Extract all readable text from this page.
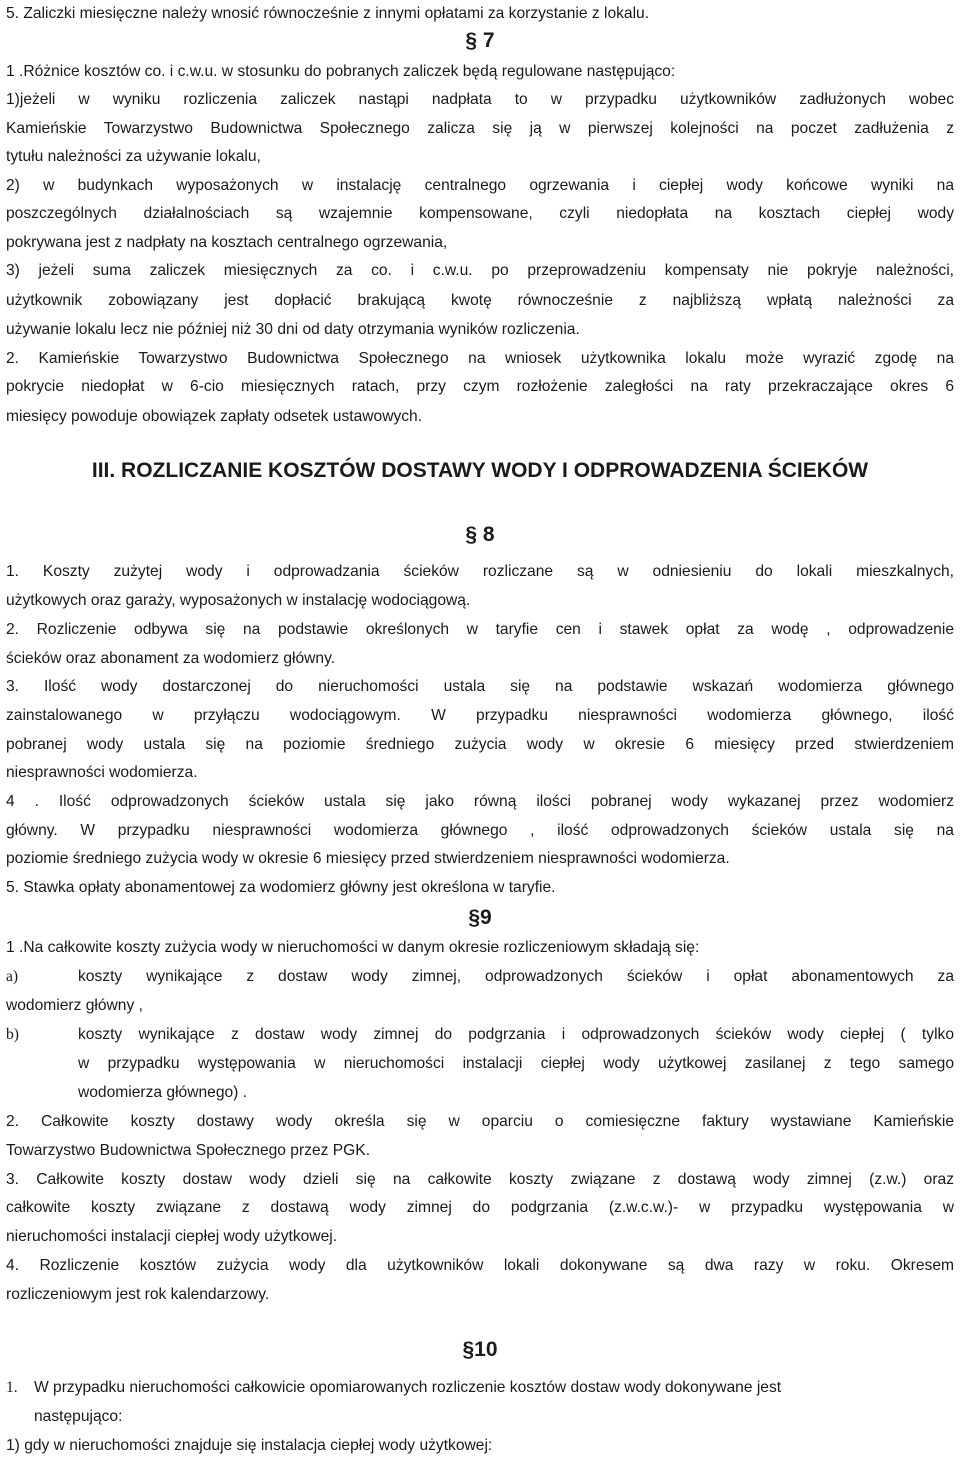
5. Zaliczki miesięczne należy wnosić równocześnie z innymi opłatami za korzystanie z lokalu.
§ 7
1 .Różnice kosztów co. i c.w.u. w stosunku do pobranych zaliczek będą regulowane następująco:
1)jeżeli w wyniku rozliczenia zaliczek nastąpi nadpłata to w przypadku użytkowników zadłużonych wobec
Kamieńskie Towarzystwo Budownictwa Społecznego zalicza się ją w pierwszej kolejności na poczet zadłużenia z
tytułu należności za używanie lokalu,
2) w budynkach wyposażonych w instalację centralnego ogrzewania i ciepłej wody końcowe wyniki na
poszczególnych działalnościach są wzajemnie kompensowane, czyli niedopłata na kosztach ciepłej wody
pokrywana jest z nadpłaty na kosztach centralnego ogrzewania,
3) jeżeli suma zaliczek miesięcznych za co. i c.w.u. po przeprowadzeniu kompensaty nie pokryje należności,
użytkownik zobowiązany jest dopłacić brakującą kwotę równocześnie z najbliższą wpłatą należności za
używanie lokalu lecz nie później niż 30 dni od daty otrzymania wyników rozliczenia.
2. Kamieńskie Towarzystwo Budownictwa Społecznego na wniosek użytkownika lokalu może wyrazić zgodę na
pokrycie niedopłat w 6-cio miesięcznych ratach, przy czym rozłożenie zaległości na raty przekraczające okres 6
miesięcy powoduje obowiązek zapłaty odsetek ustawowych.
III. ROZLICZANIE KOSZTÓW DOSTAWY WODY I ODPROWADZENIA ŚCIEKÓW
§ 8
1. Koszty zużytej wody i odprowadzania ścieków rozliczane są w odniesieniu do lokali mieszkalnych,
użytkowych oraz garaży, wyposażonych w instalację wodociągową.
2. Rozliczenie odbywa się na podstawie określonych w taryfie cen i stawek opłat za wodę , odprowadzenie
ścieków oraz abonament za wodomierz główny.
3. Ilość wody dostarczonej do nieruchomości ustala się na podstawie wskazań wodomierza głównego
zainstalowanego w przyłączu wodociągowym. W przypadku niesprawności wodomierza głównego, ilość
pobranej wody ustala się na poziomie średniego zużycia wody w okresie 6 miesięcy przed stwierdzeniem
niesprawności wodomierza.
4 . Ilość odprowadzonych ścieków ustala się jako równą ilości pobranej wody wykazanej przez wodomierz
główny. W przypadku niesprawności wodomierza głównego , ilość odprowadzonych ścieków ustala się na
poziomie średniego zużycia wody w okresie 6 miesięcy przed stwierdzeniem niesprawności wodomierza.
5. Stawka opłaty abonamentowej za wodomierz główny jest określona w taryfie.
§9
1 .Na całkowite koszty zużycia wody w nieruchomości w danym okresie rozliczeniowym składają się:
a)	koszty wynikające z dostaw wody zimnej, odprowadzonych ścieków i opłat abonamentowych za
wodomierz główny ,
b)	koszty wynikające z dostaw wody zimnej do podgrzania i odprowadzonych ścieków wody ciepłej ( tylko
w przypadku występowania w nieruchomości instalacji ciepłej wody użytkowej zasilanej z tego samego
wodomierza głównego) .
2. Całkowite koszty dostawy wody określa się w oparciu o comiesięczne faktury wystawiane Kamieńskie
Towarzystwo Budownictwa Społecznego przez PGK.
3. Całkowite koszty dostaw wody dzieli się na całkowite koszty związane z dostawą wody zimnej (z.w.) oraz
całkowite koszty związane z dostawą wody zimnej do podgrzania (z.w.c.w.)- w przypadku występowania w
nieruchomości instalacji ciepłej wody użytkowej.
4. Rozliczenie kosztów zużycia wody dla użytkowników lokali dokonywane są dwa razy w roku. Okresem
rozliczeniowym jest rok kalendarzowy.
§10
1. W przypadku nieruchomości całkowicie opomiarowanych rozliczenie kosztów dostaw wody dokonywane jest
następująco:
1) gdy w nieruchomości znajduje się instalacja ciepłej wody użytkowej:
